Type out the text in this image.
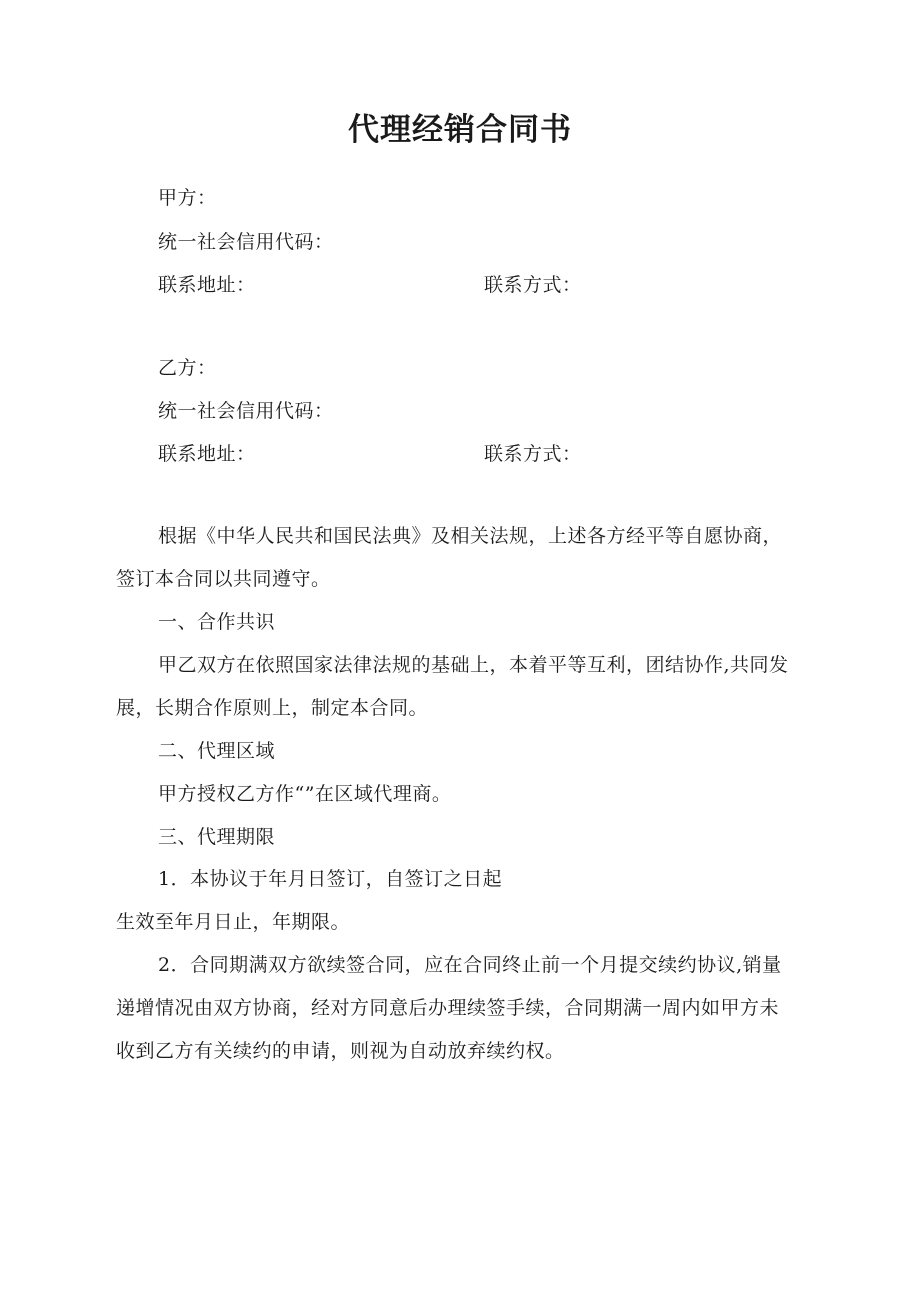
代理经销合同书
甲方：
统一社会信用代码：
联系地址：	联系方式：
乙方：
统一社会信用代码：
联系地址：	联系方式：
根据《中华人民共和国民法典》及相关法规，上述各方经平等自愿协商，
签订本合同以共同遵守。
一、合作共识
甲乙双方在依照国家法律法规的基础上，本着平等互利，团结协作,共同发
展，长期合作原则上，制定本合同。
二、代理区域
甲方授权乙方作“”在区域代理商。
三、代理期限
1．本协议于年月日签订，自签订之日起
生效至年月日止，年期限。
2．合同期满双方欲续签合同，应在合同终止前一个月提交续约协议,销量
递增情况由双方协商，经对方同意后办理续签手续，合同期满一周内如甲方未
收到乙方有关续约的申请，则视为自动放弃续约权。
